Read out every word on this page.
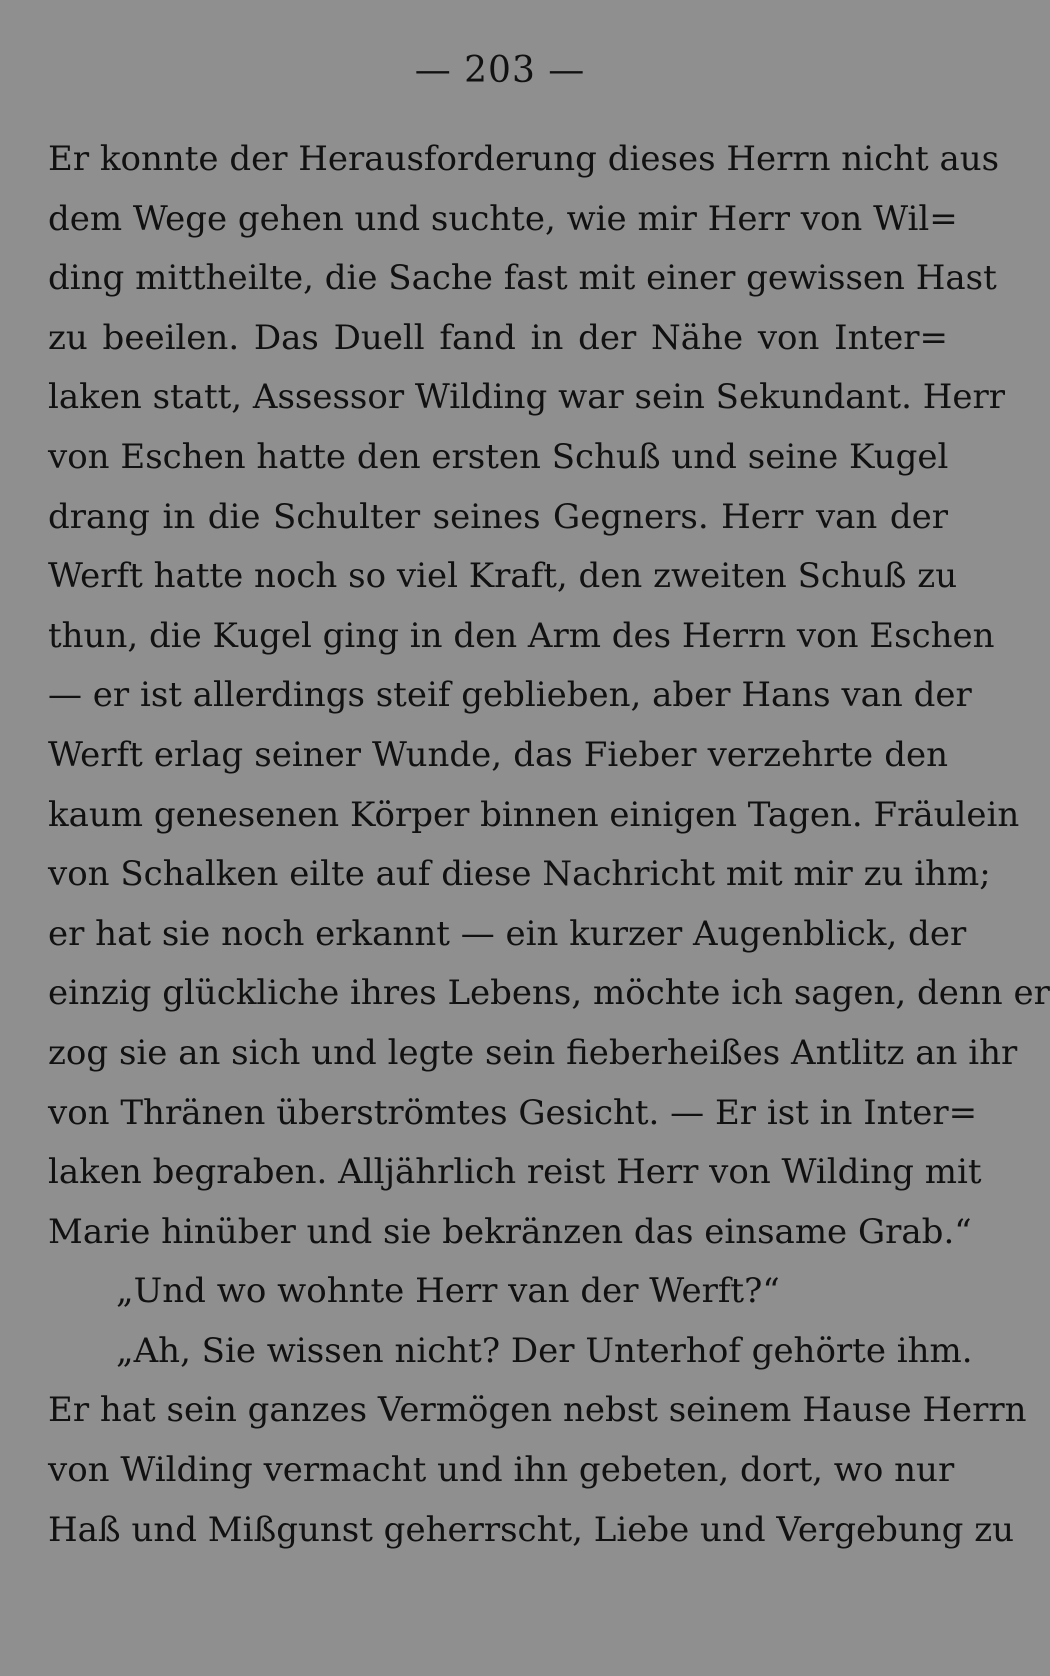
— 203 —
Er konnte der Herausforderung dieses Herrn nicht aus
dem Wege gehen und suchte, wie mir Herr von Wil=
ding mittheilte, die Sache fast mit einer gewissen Hast
zu beeilen. Das Duell fand in der Nähe von Inter=
laken statt, Assessor Wilding war sein Sekundant. Herr
von Eschen hatte den ersten Schuß und seine Kugel
drang in die Schulter seines Gegners. Herr van der
Werft hatte noch so viel Kraft, den zweiten Schuß zu
thun, die Kugel ging in den Arm des Herrn von Eschen
— er ist allerdings steif geblieben, aber Hans van der
Werft erlag seiner Wunde, das Fieber verzehrte den
kaum genesenen Körper binnen einigen Tagen. Fräulein
von Schalken eilte auf diese Nachricht mit mir zu ihm;
er hat sie noch erkannt — ein kurzer Augenblick, der
einzig glückliche ihres Lebens, möchte ich sagen, denn er
zog sie an sich und legte sein fieberheißes Antlitz an ihr
von Thränen überströmtes Gesicht. — Er ist in Inter=
laken begraben. Alljährlich reist Herr von Wilding mit
Marie hinüber und sie bekränzen das einsame Grab.“
„Und wo wohnte Herr van der Werft?“
„Ah, Sie wissen nicht? Der Unterhof gehörte ihm.
Er hat sein ganzes Vermögen nebst seinem Hause Herrn
von Wilding vermacht und ihn gebeten, dort, wo nur
Haß und Mißgunst geherrscht, Liebe und Vergebung zu
